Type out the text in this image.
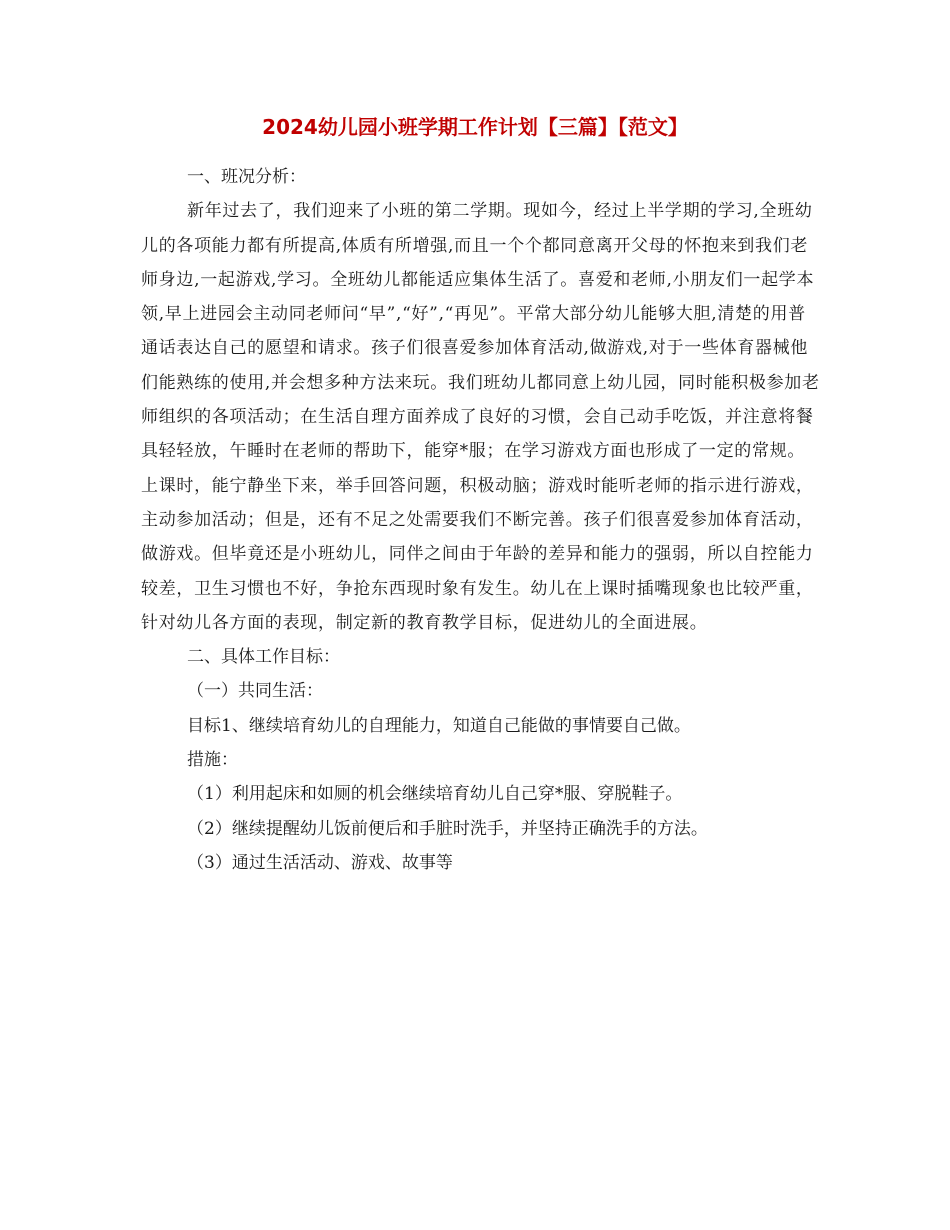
2024幼儿园小班学期工作计划【三篇】【范文】

一、班况分析：

新年过去了，我们迎来了小班的第二学期。现如今，经过上半学期的学习,全班幼儿的各项能力都有所提高,体质有所增强,而且一个个都同意离开父母的怀抱来到我们老师身边,一起游戏,学习。全班幼儿都能适应集体生活了。喜爱和老师,小朋友们一起学本领,早上进园会主动同老师问“早”,“好”,“再见”。平常大部分幼儿能够大胆,清楚的用普通话表达自己的愿望和请求。孩子们很喜爱参加体育活动,做游戏,对于一些体育器械他们能熟练的使用,并会想多种方法来玩。我们班幼儿都同意上幼儿园，同时能积极参加老师组织的各项活动；在生活自理方面养成了良好的习惯，会自己动手吃饭，并注意将餐具轻轻放，午睡时在老师的帮助下，能穿*服；在学习游戏方面也形成了一定的常规。上课时，能宁静坐下来，举手回答问题，积极动脑；游戏时能听老师的指示进行游戏，主动参加活动；但是，还有不足之处需要我们不断完善。孩子们很喜爱参加体育活动，做游戏。但毕竟还是小班幼儿，同伴之间由于年龄的差异和能力的强弱，所以自控能力较差，卫生习惯也不好，争抢东西现时象有发生。幼儿在上课时插嘴现象也比较严重，针对幼儿各方面的表现，制定新的教育教学目标，促进幼儿的全面进展。

二、具体工作目标：

（一）共同生活：

目标1、继续培育幼儿的自理能力，知道自己能做的事情要自己做。

措施：

（1）利用起床和如厕的机会继续培育幼儿自己穿*服、穿脱鞋子。

（2）继续提醒幼儿饭前便后和手脏时洗手，并坚持正确洗手的方法。

（3）通过生活活动、游戏、故事等
